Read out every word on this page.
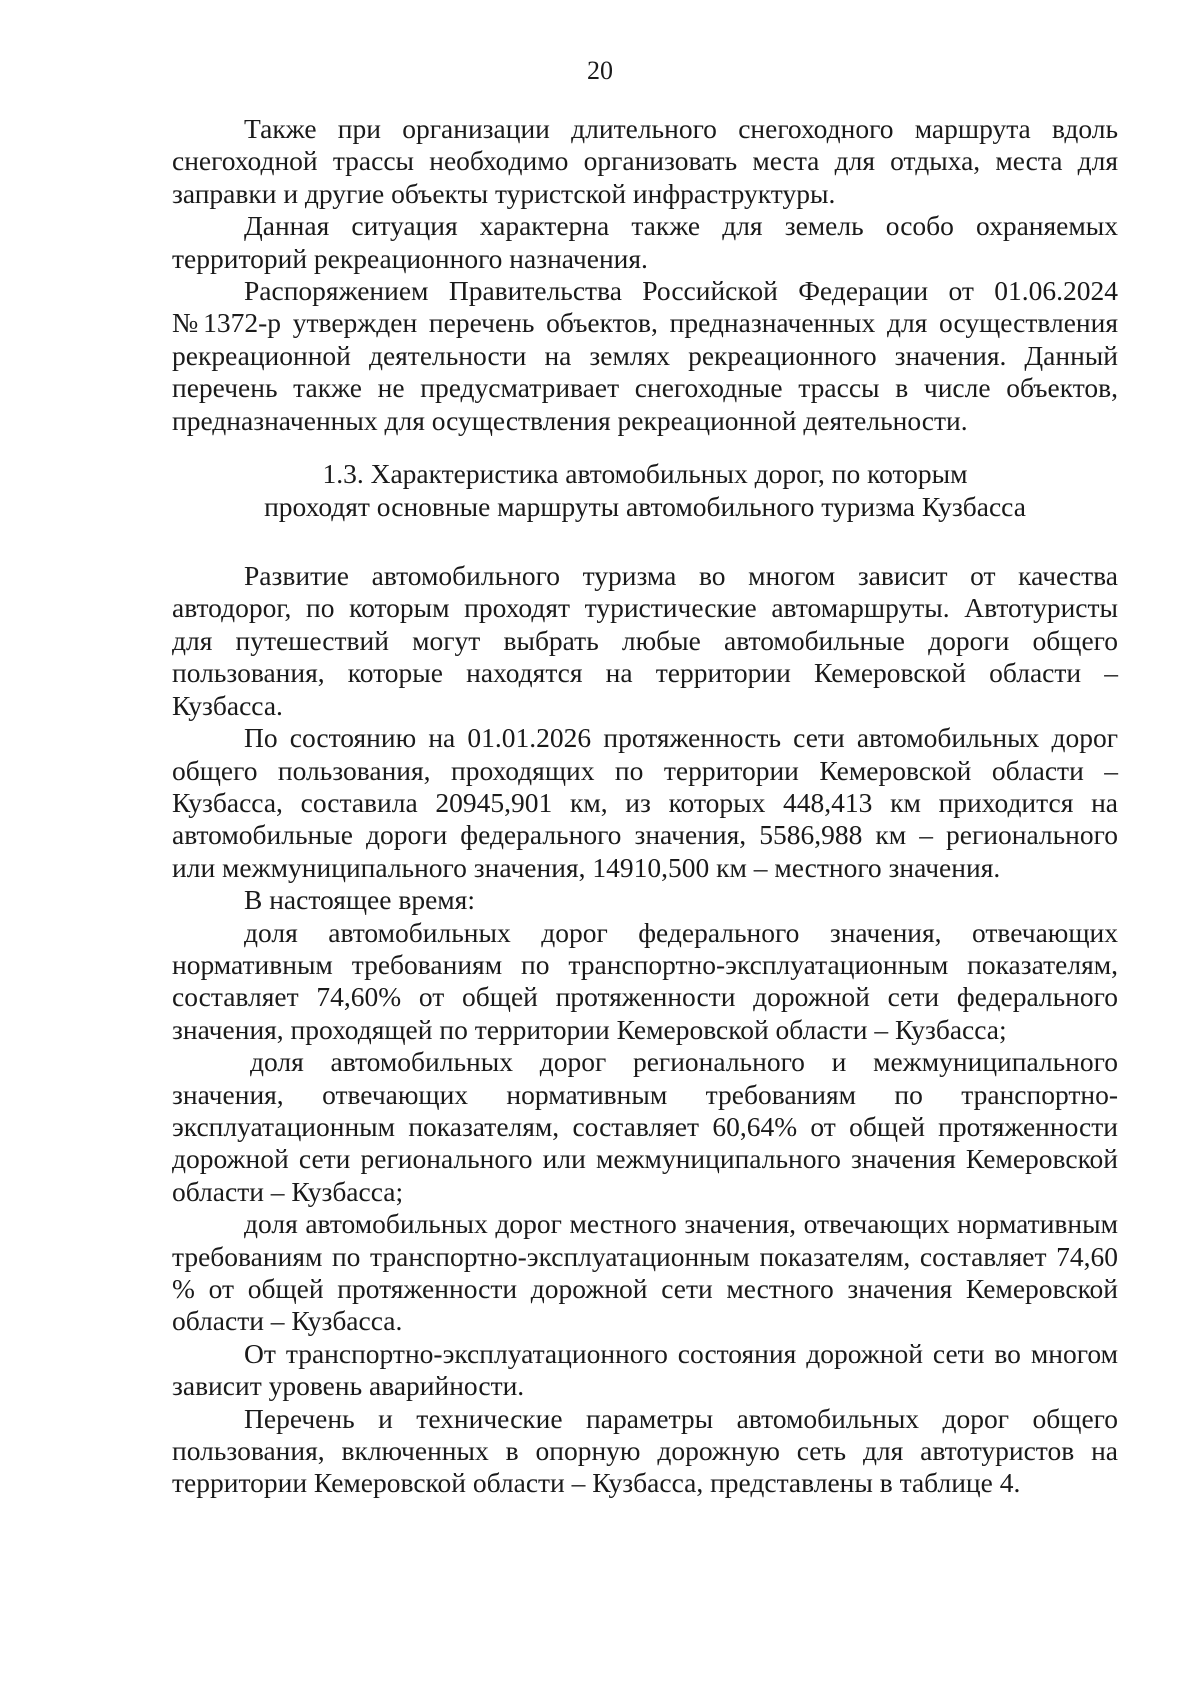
20

Также при организации длительного снегоходного маршрута вдоль снегоходной трассы необходимо организовать места для отдыха, места для заправки и другие объекты туристской инфраструктуры.

Данная ситуация характерна также для земель особо охраняемых территорий рекреационного назначения.

Распоряжением Правительства Российской Федерации от 01.06.2024 №1372-р утвержден перечень объектов, предназначенных для осуществления рекреационной деятельности на землях рекреационного значения. Данный перечень также не предусматривает снегоходные трассы в числе объектов, предназначенных для осуществления рекреационной деятельности.

1.3. Характеристика автомобильных дорог, по которым
проходят основные маршруты автомобильного туризма Кузбасса

Развитие автомобильного туризма во многом зависит от качества автодорог, по которым проходят туристические автомаршруты. Автотуристы для путешествий могут выбрать любые автомобильные дороги общего пользования, которые находятся на территории Кемеровской области – Кузбасса.

По состоянию на 01.01.2026 протяженность сети автомобильных дорог общего пользования, проходящих по территории Кемеровской области – Кузбасса, составила 20945,901 км, из которых 448,413 км приходится на автомобильные дороги федерального значения, 5586,988 км – регионального или межмуниципального значения, 14910,500 км – местного значения.

В настоящее время:

доля автомобильных дорог федерального значения, отвечающих нормативным требованиям по транспортно-эксплуатационным показателям, составляет 74,60% от общей протяженности дорожной сети федерального значения, проходящей по территории Кемеровской области – Кузбасса;

доля автомобильных дорог регионального и межмуниципального значения, отвечающих нормативным требованиям по транспортно-эксплуатационным показателям, составляет 60,64% от общей протяженности дорожной сети регионального или межмуниципального значения Кемеровской области – Кузбасса;

доля автомобильных дорог местного значения, отвечающих нормативным требованиям по транспортно-эксплуатационным показателям, составляет 74,60 % от общей протяженности дорожной сети местного значения Кемеровской области – Кузбасса.

От транспортно-эксплуатационного состояния дорожной сети во многом зависит уровень аварийности.

Перечень и технические параметры автомобильных дорог общего пользования, включенных в опорную дорожную сеть для автотуристов на территории Кемеровской области – Кузбасса, представлены в таблице 4.
